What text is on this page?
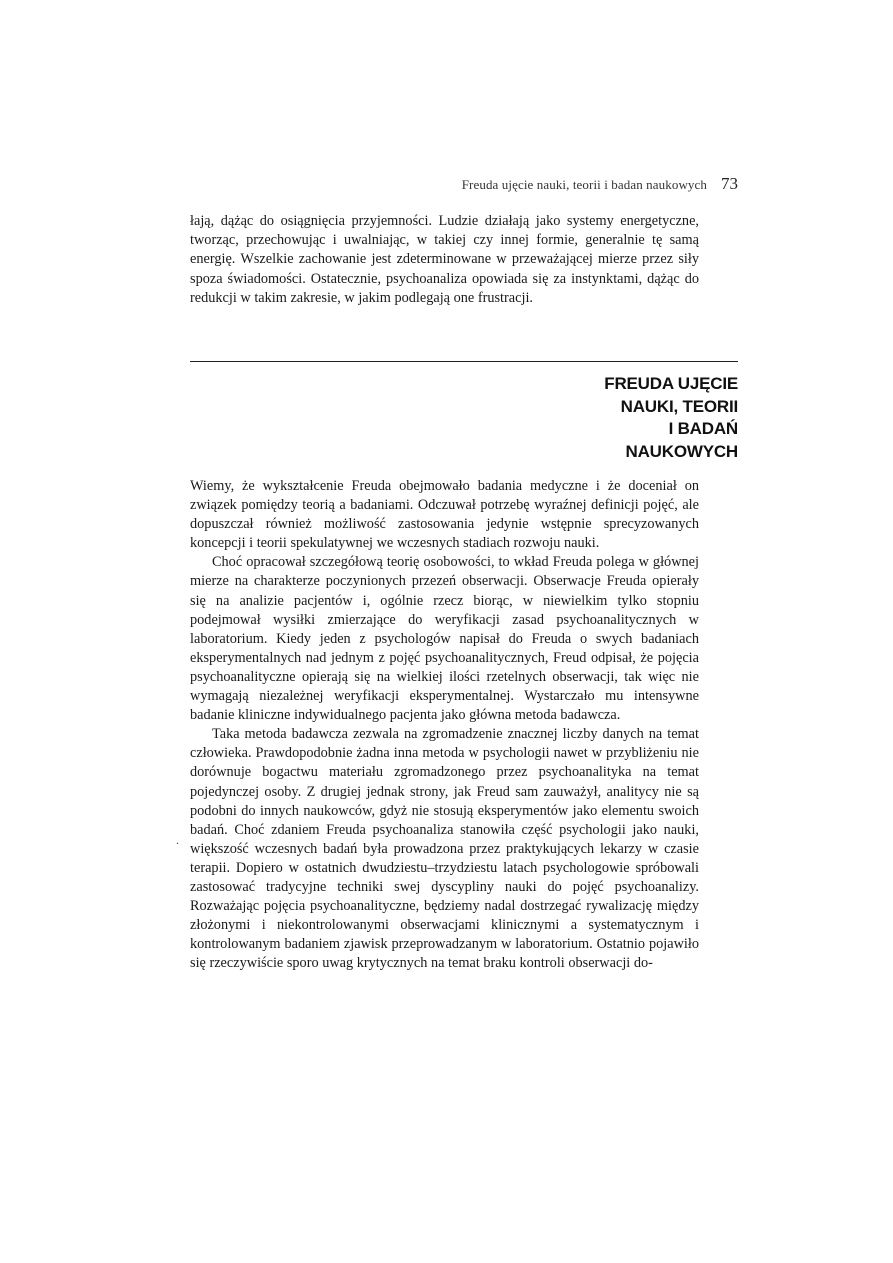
Freuda ujęcie nauki, teorii i badan naukowych 73

łają, dążąc do osiągnięcia przyjemności. Ludzie działają jako systemy energetyczne, tworząc, przechowując i uwalniając, w takiej czy innej formie, generalnie tę samą energię. Wszelkie zachowanie jest zdeterminowane w przeważającej mierze przez siły spoza świadomości. Ostatecznie, psychoanaliza opowiada się za instynktami, dążąc do redukcji w takim zakresie, w jakim podlegają one frustracji.

FREUDA UJĘCIE
NAUKI, TEORII
I BADAŃ
NAUKOWYCH

Wiemy, że wykształcenie Freuda obejmowało badania medyczne i że doceniał on związek pomiędzy teorią a badaniami. Odczuwał potrzebę wyraźnej definicji pojęć, ale dopuszczał również możliwość zastosowania jedynie wstępnie sprecyzowanych koncepcji i teorii spekulatywnej we wczesnych stadiach rozwoju nauki.

Choć opracował szczegółową teorię osobowości, to wkład Freuda polega w głównej mierze na charakterze poczynionych przezeń obserwacji. Obserwacje Freuda opierały się na analizie pacjentów i, ogólnie rzecz biorąc, w niewielkim tylko stopniu podejmował wysiłki zmierzające do weryfikacji zasad psychoanalitycznych w laboratorium. Kiedy jeden z psychologów napisał do Freuda o swych badaniach eksperymentalnych nad jednym z pojęć psychoanalitycznych, Freud odpisał, że pojęcia psychoanalityczne opierają się na wielkiej ilości rzetelnych obserwacji, tak więc nie wymagają niezależnej weryfikacji eksperymentalnej. Wystarczało mu intensywne badanie kliniczne indywidualnego pacjenta jako główna metoda badawcza.

Taka metoda badawcza zezwala na zgromadzenie znacznej liczby danych na temat człowieka. Prawdopodobnie żadna inna metoda w psychologii nawet w przybliżeniu nie dorównuje bogactwu materiału zgromadzonego przez psychoanalityka na temat pojedynczej osoby. Z drugiej jednak strony, jak Freud sam zauważył, analitycy nie są podobni do innych naukowców, gdyż nie stosują eksperymentów jako elementu swoich badań. Choć zdaniem Freuda psychoanaliza stanowiła część psychologii jako nauki, większość wczesnych badań była prowadzona przez praktykujących lekarzy w czasie terapii. Dopiero w ostatnich dwudziestu–trzydziestu latach psychologowie spróbowali zastosować tradycyjne techniki swej dyscypliny nauki do pojęć psychoanalizy. Rozważając pojęcia psychoanalityczne, będziemy nadal dostrzegać rywalizację między złożonymi i niekontrolowanymi obserwacjami klinicznymi a systematycznym i kontrolowanym badaniem zjawisk przeprowadzanym w laboratorium. Ostatnio pojawiło się rzeczywiście sporo uwag krytycznych na temat braku kontroli obserwacji do-

.
